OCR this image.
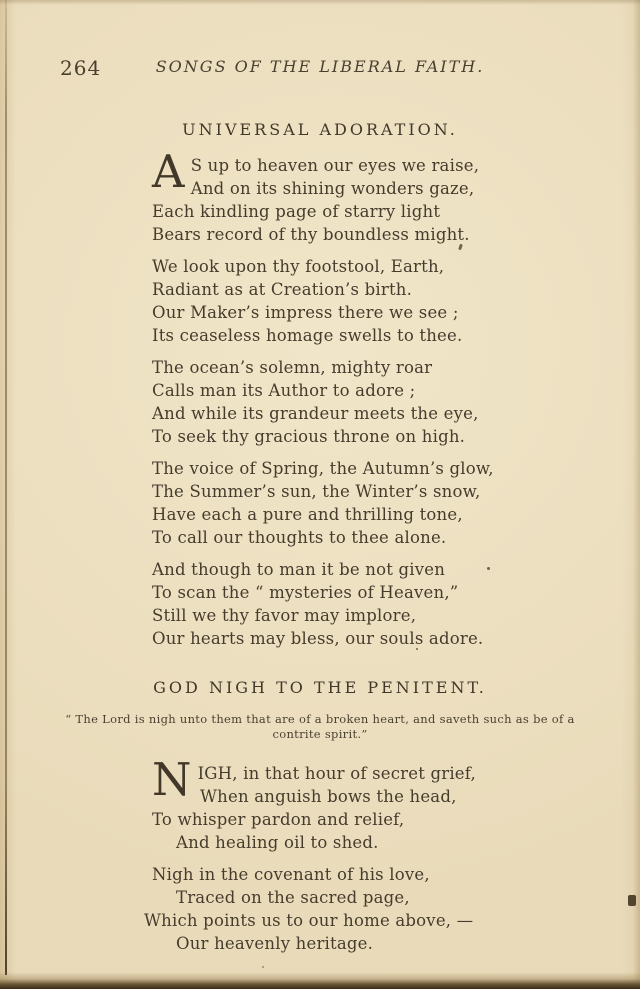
264	SONGS OF THE LIBERAL FAITH.
UNIVERSAL ADORATION.
A S up to heaven our eyes we raise,
And on its shining wonders gaze,
Each kindling page of starry light
Bears record of thy boundless might.
We look upon thy footstool, Earth,
Radiant as at Creation’s birth.
Our Maker’s impress there we see ;
Its ceaseless homage swells to thee.
The ocean’s solemn, mighty roar
Calls man its Author to adore ;
And while its grandeur meets the eye,
To seek thy gracious throne on high.
The voice of Spring, the Autumn’s glow,
The Summer’s sun, the Winter’s snow,
Have each a pure and thrilling tone,
To call our thoughts to thee alone.
And though to man it be not given
To scan the “ mysteries of Heaven,”
Still we thy favor may implore,
Our hearts may bless, our souls adore.
GOD NIGH TO THE PENITENT.
“ The Lord is nigh unto them that are of a broken heart, and saveth such as be of a
contrite spirit.”
NIGH, in that hour of secret grief,
When anguish bows the head,
To whisper pardon and relief,
And healing oil to shed.
Nigh in the covenant of his love,
Traced on the sacred page,
Which points us to our home above, —
Our heavenly heritage.
